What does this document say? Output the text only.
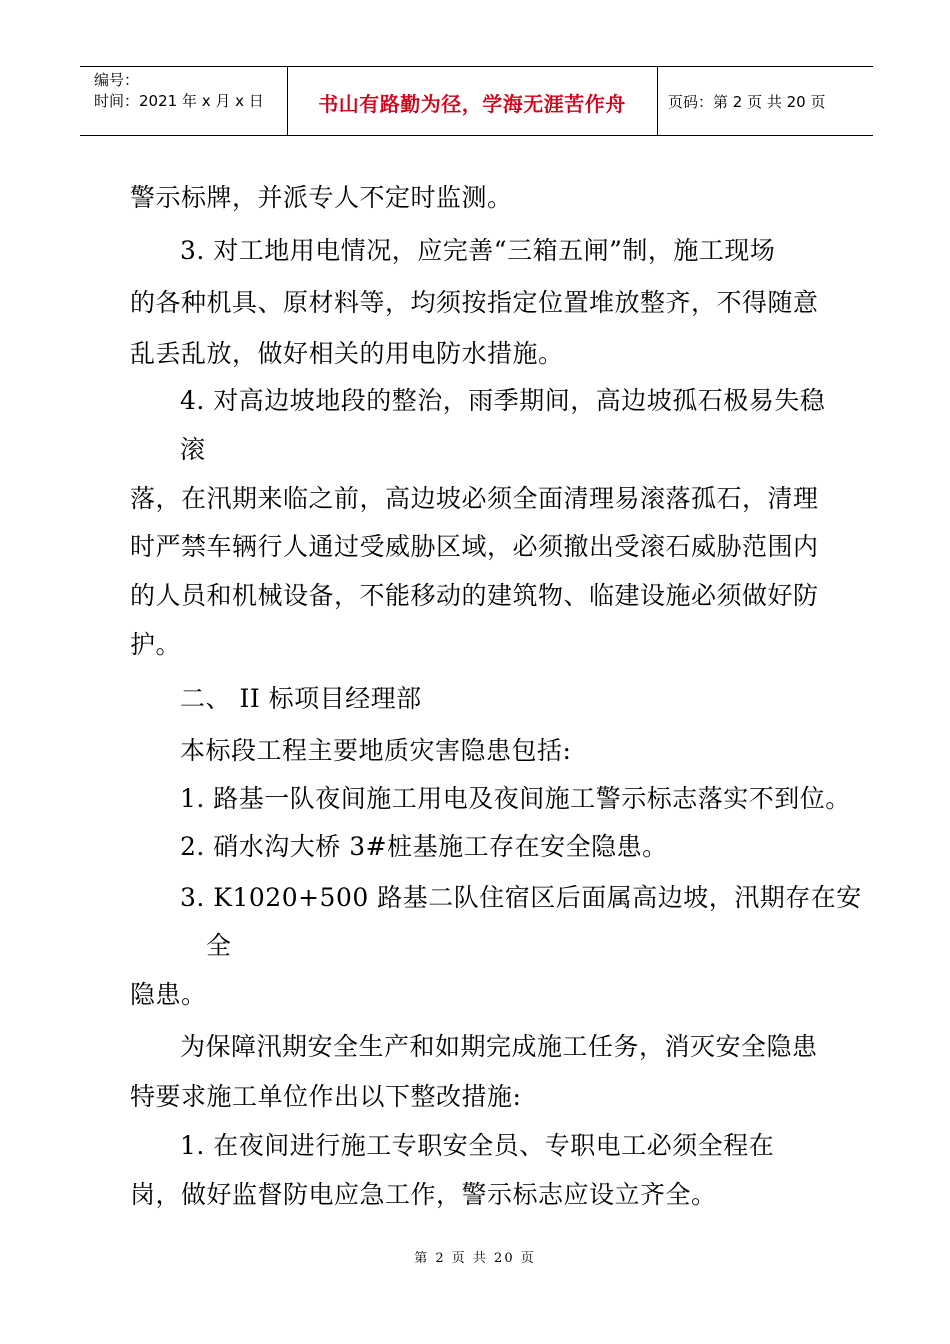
编号：
时间：2021 年 x 月 x 日	书山有路勤为径，学海无涯苦作舟	页码：第 2 页 共 20 页
警示标牌，并派专人不定时监测。
3. 对工地用电情况，应完善“三箱五闸”制，施工现场
的各种机具、原材料等，均须按指定位置堆放整齐，不得随意
乱丢乱放，做好相关的用电防水措施。
4. 对高边坡地段的整治，雨季期间，高边坡孤石极易失稳
滚
落，在汛期来临之前，高边坡必须全面清理易滚落孤石，清理
时严禁车辆行人通过受威胁区域，必须撤出受滚石威胁范围内
的人员和机械设备，不能移动的建筑物、临建设施必须做好防
护。
二、 II 标项目经理部
本标段工程主要地质灾害隐患包括:
1. 路基一队夜间施工用电及夜间施工警示标志落实不到位。
2. 硝水沟大桥 3#桩基施工存在安全隐患。
3. K1020+500 路基二队住宿区后面属高边坡，汛期存在安
全
隐患。
为保障汛期安全生产和如期完成施工任务，消灭安全隐患
特要求施工单位作出以下整改措施:
1. 在夜间进行施工专职安全员、专职电工必须全程在
岗，做好监督防电应急工作，警示标志应设立齐全。
第 2 页 共 20 页
